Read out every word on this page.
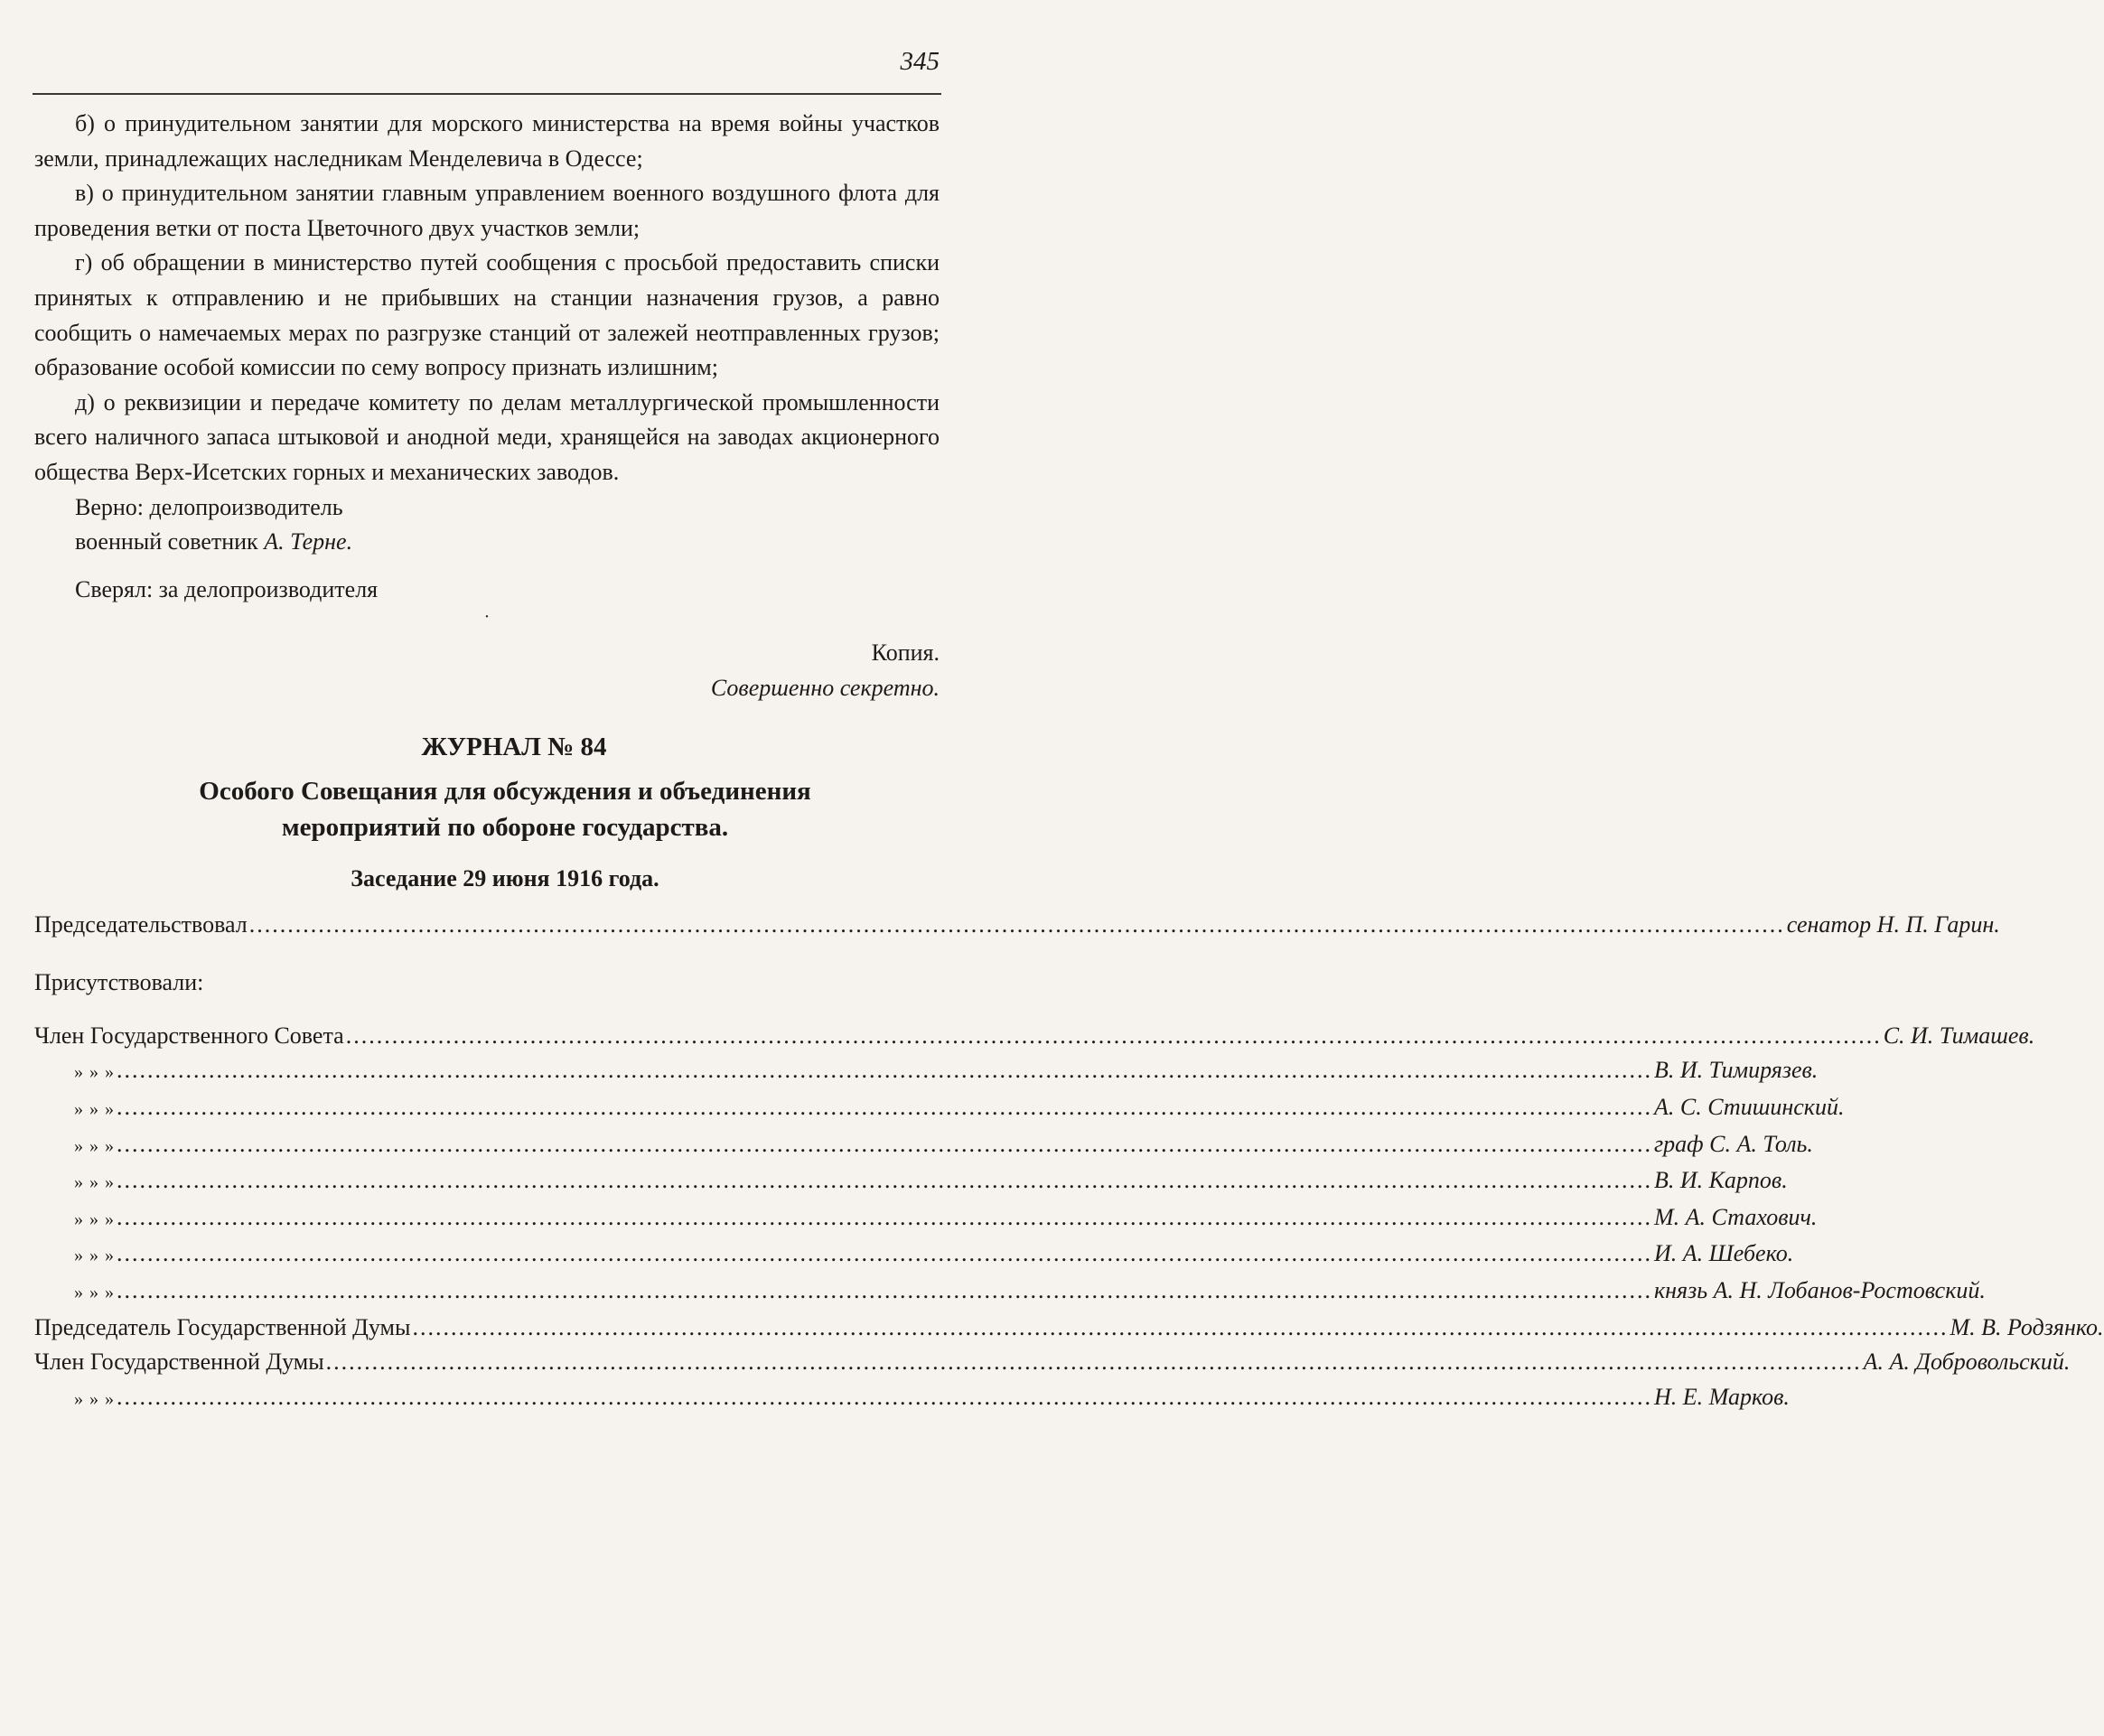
345

б) о принудительном занятии для морского министерства на время войны участков земли, принадлежащих наследникам Менделевича в Одессе;

в) о принудительном занятии главным управлением военного воздушного флота для проведения ветки от поста Цветочного двух участков земли;

г) об обращении в министерство путей сообщения с просьбой предоставить списки принятых к отправлению и не прибывших на станции назначения грузов, а равно сообщить о намечаемых мерах по разгрузке станций от залежей неотправленных грузов; образование особой комиссии по сему вопросу признать излишним;

д) о реквизиции и передаче комитету по делам металлургической промышленности всего наличного запаса штыковой и анодной меди, хранящейся на заводах акционерного общества Верх-Исетских горных и механических заводов.

Верно: делопроизводитель

военный советник А. Терне.

Сверял: за делопроизводителя

·

Копия.

Совершенно секретно.

ЖУРНАЛ № 84

Особого Совещания для обсуждения и объединения
мероприятий по обороне государства.

Заседание 29 июня 1916 года.

Председательствовал ........................................................................................................................................................................................................ сенатор Н. П. Гарин.

Присутствовали:

Член Государственного Совета ........................................................................................................................................................................................................ С. И. Тимашев.
» » » ........................................................................................................................................................................................................ В. И. Тимирязев.
» » » ........................................................................................................................................................................................................ А. С. Стишинский.
» » » ........................................................................................................................................................................................................ граф С. А. Толь.
» » » ........................................................................................................................................................................................................ В. И. Карпов.
» » » ........................................................................................................................................................................................................ М. А. Стахович.
» » » ........................................................................................................................................................................................................ И. А. Шебеко.
» » » ........................................................................................................................................................................................................ князь А. Н. Лобанов-Ростовский.
Председатель Государственной Думы ........................................................................................................................................................................................................ М. В. Родзянко.
Член Государственной Думы ........................................................................................................................................................................................................ А. А. Добровольский.
» » » ........................................................................................................................................................................................................ Н. Е. Марков.
